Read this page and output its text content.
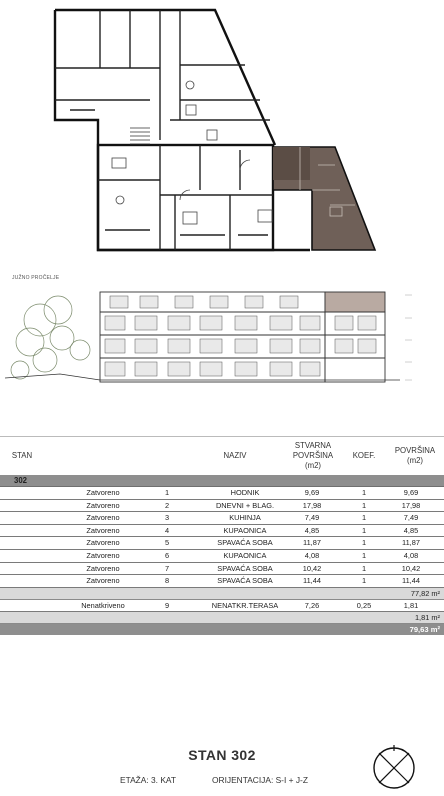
JUŽNO PROČELJE
STAN	NAZIV
STVARNA
POVRŠINA
(m2)
KOEF.
POVRŠINA
(m2)
302
Zatvoreno	1	HODNIK	9,69	1	9,69
Zatvoreno	2	DNEVNI + BLAG.	17,98	1	17,98
Zatvoreno	3	KUHINJA	7,49	1	7,49
Zatvoreno	4	KUPAONICA	4,85	1	4,85
Zatvoreno	5	SPAVAĆA SOBA	11,87	1	11,87
Zatvoreno	6	KUPAONICA	4,08	1	4,08
Zatvoreno	7	SPAVAĆA SOBA	10,42	1	10,42
Zatvoreno	8	SPAVAĆA SOBA	11,44	1	11,44
77,82 m²
Nenatkriveno	9	NENATKR.TERASA	7,26	0,25	1,81
1,81 m²
79,63 m²
STAN 302
ETAŽA: 3. KAT	ORIJENTACIJA: S-I + J-Z
